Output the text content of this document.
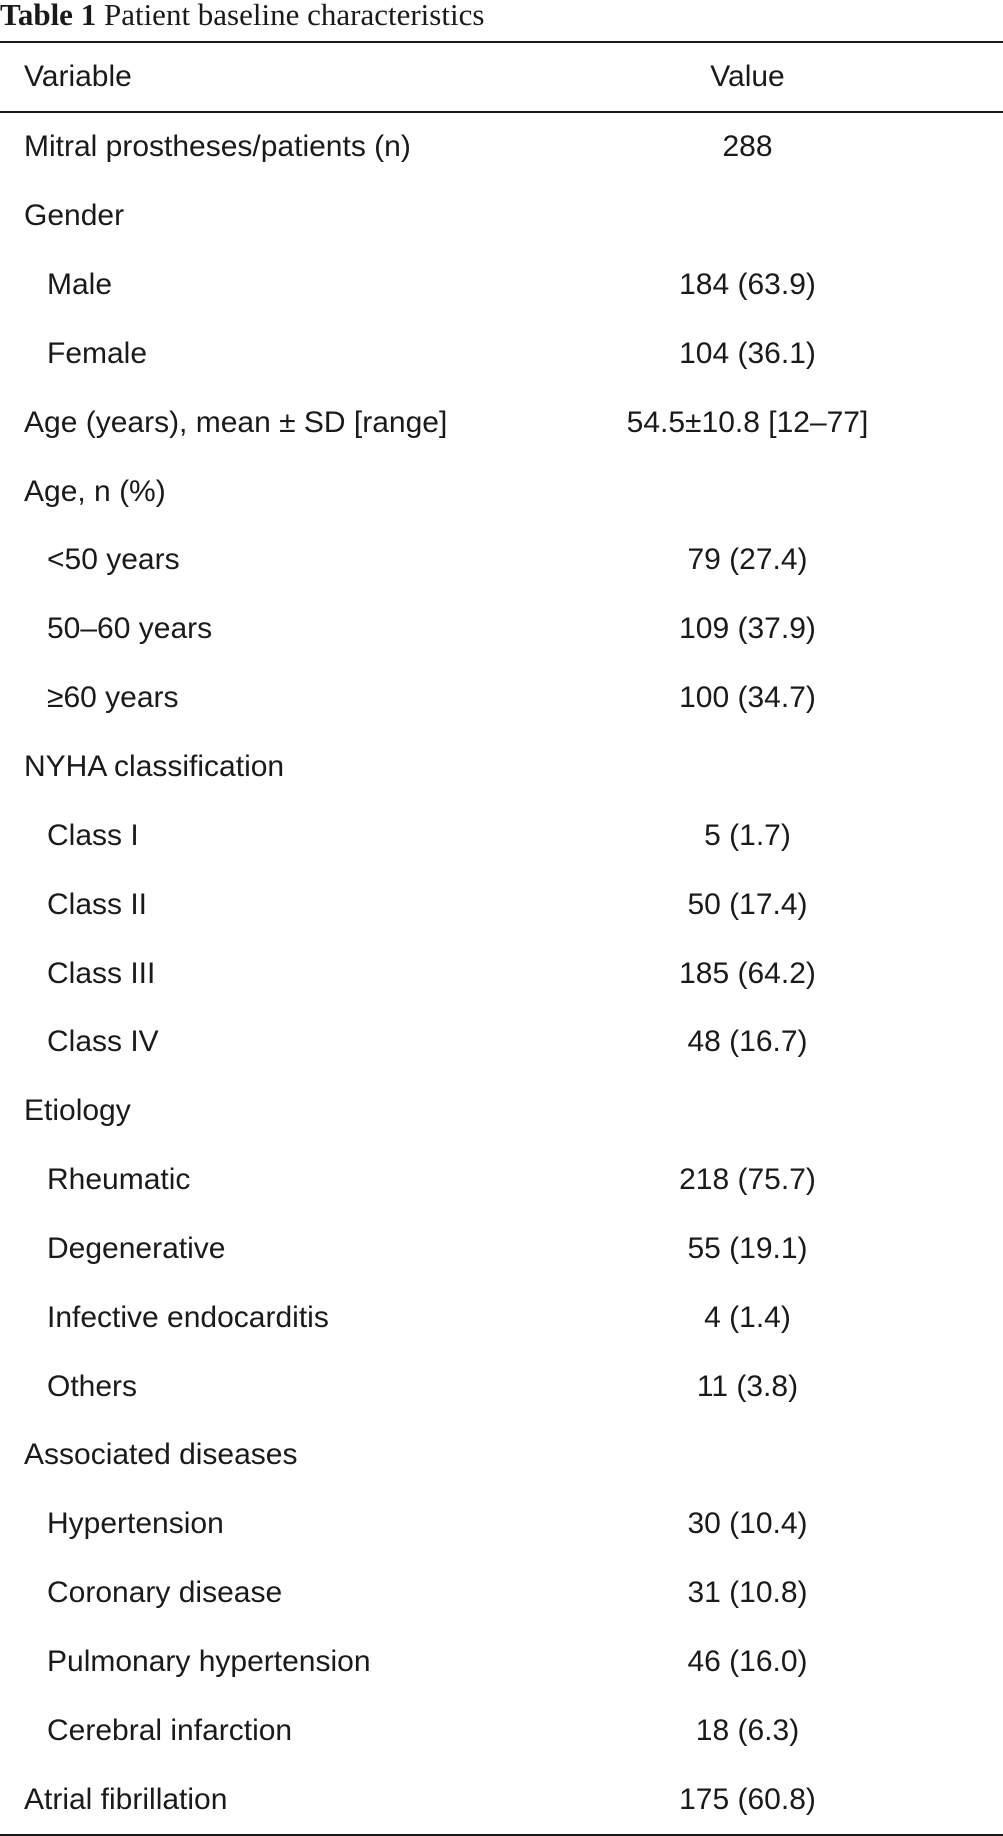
Table 1 Patient baseline characteristics
Variable	Value
Mitral prostheses/patients (n)	288
Gender	
Male	184 (63.9)
Female	104 (36.1)
Age (years), mean ± SD [range]	54.5±10.8 [12–77]
Age, n (%)	
<50 years	79 (27.4)
50–60 years	109 (37.9)
≥60 years	100 (34.7)
NYHA classification	
Class I	5 (1.7)
Class II	50 (17.4)
Class III	185 (64.2)
Class IV	48 (16.7)
Etiology	
Rheumatic	218 (75.7)
Degenerative	55 (19.1)
Infective endocarditis	4 (1.4)
Others	11 (3.8)
Associated diseases	
Hypertension	30 (10.4)
Coronary disease	31 (10.8)
Pulmonary hypertension	46 (16.0)
Cerebral infarction	18 (6.3)
Atrial fibrillation	175 (60.8)
